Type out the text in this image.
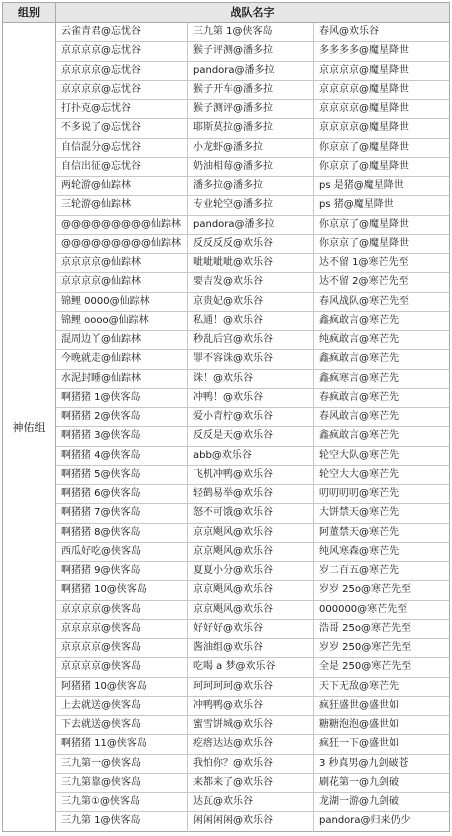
组别	战队名字
神佑组
云雀青君@忘忧谷	三九第 1@侠客岛	春风@欢乐谷
京京京京@忘忧谷	猴子评测@潘多拉	多多多多@魔星降世
京京京京@忘忧谷	pandora@潘多拉	京京京京@魔星降世
京京京京@忘忧谷	猴子开车@潘多拉	京京京京@魔星降世
打扑克@忘忧谷	猴子测评@潘多拉	京京京京@魔星降世
不多说了@忘忧谷	耶斯莫拉@潘多拉	京京京京@魔星降世
自信混分@忘忧谷	小龙虾@潘多拉	你京京了@魔星降世
自信出征@忘忧谷	奶油相莓@潘多拉	你京京了@魔星降世
两轮游@仙踪林	潘多拉@潘多拉	ps 是猪@魔星降世
三轮游@仙踪林	专业轮空@潘多拉	ps 猪@魔星降世
@@@@@@@@@仙踪林	pandora@潘多拉	你京京了@魔星降世
@@@@@@@@@仙踪林	反反反反@欢乐谷	你京京了@魔星降世
京京京京@仙踪林	呲呲呲呲@欢乐谷	达不留 1@寒芒先至
京京京京@仙踪林	要吉发@欢乐谷	达不留 2@寒芒先至
锦鲤 0000@仙踪林	京贵妃@欢乐谷	春风战队@寒芒先至
锦鲤 oooo@仙踪林	私通！@欢乐谷	鑫疯敢言@寒芒先
混周边丫@仙踪林	秒乱后宫@欢乐谷	纯疯敢言@寒芒先
今晚就走@仙踪林	罪不容诛@欢乐谷	鑫疯敢言@寒芒先
水泥封睡@仙踪林	诛！@欢乐谷	鑫疯寒言@寒芒先
啊猪猪 1@侠客岛	冲鸭！@欢乐谷	春疯敢言@寒芒先
啊猪猪 2@侠客岛	爱小青柠@欢乐谷	春风敢言@寒芒先
啊猪猪 3@侠客岛	反反是天@欢乐谷	鑫疯敢言@寒芒先
啊猪猪 4@侠客岛	abb@欢乐谷	轮空大队@寒芒先
啊猪猪 5@侠客岛	飞机冲鸭@欢乐谷	轮空大大@寒芒先
啊猪猪 6@侠客岛	轻鹤易举@欢乐谷	叨叨叨叨@寒芒先
啊猪猪 7@侠客岛	怒不可饿@欢乐谷	大饼禁天@寒芒先
啊猪猪 8@侠客岛	京京飓风@欢乐谷	阿董禁天@寒芒先
西瓜好吃@侠客岛	京京飓风@欢乐谷	纯风寒森@寒芒先
啊猪猪 9@侠客岛	夏夏小分@欢乐谷	岁二百五@寒芒先
啊猪猪 10@侠客岛	京京飓风@欢乐谷	岁岁 25o@寒芒先至
京京京京@侠客岛	京京飓风@欢乐谷	000000@寒芒先至
京京京京@侠客岛	好好好@欢乐谷	浩哥 25o@寒芒先至
京京京京@侠客岛	酱油组@欢乐谷	岁岁 250@寒芒先至
京京京京@侠客岛	吃喝 a 梦@欢乐谷	全是 250@寒芒先至
阿猪猪 10@侠客岛	珂珂珂珂@欢乐谷	天下无敌@寒芒先
上去就送@侠客岛	冲鸭鸭@欢乐谷	疯狂盛世@盛世如
下去就送@侠客岛	蜜雪饼城@欢乐谷	糖糖泡泡@盛世如
啊猪猪 11@侠客岛	疙瘩达达@欢乐谷	疯狂一下@盛世如
三九第一@侠客岛	我怕你？@欢乐谷	3 秒真男@九剑破苍
三九第靠@侠客岛	来都来了@欢乐谷	刷花第一@九剑破
三九第①@侠客岛	达瓦@欢乐谷	龙湖一游@九剑破
三九第 1@侠客岛	闲闲闲闲@欢乐谷	pandora@归来仍少
